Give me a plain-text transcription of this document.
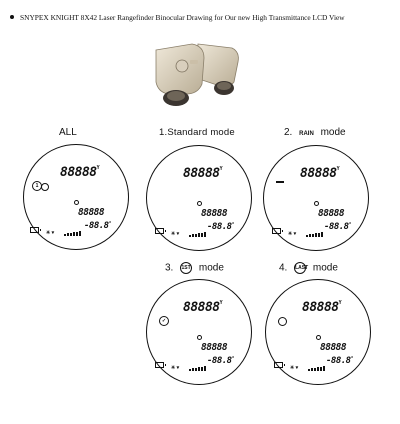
SNYPEX KNIGHT 8X42 Laser Rangefinder Binocular Drawing for Our new High Transmittance LCD View
ALL	1.Standard mode	2. RAIN mode
3. 1ST mode	4. LAST mode
$88888^Y$
1
88888
-88.8°
✳ ▾
$88888^Y$
88888
-88.8°
✳ ▾
$88888^Y$
88888
-88.8°
✳ ▾
$88888^Y$
✓
88888
-88.8°
✳ ▾
$88888^Y$
88888
-88.8°
✳ ▾
